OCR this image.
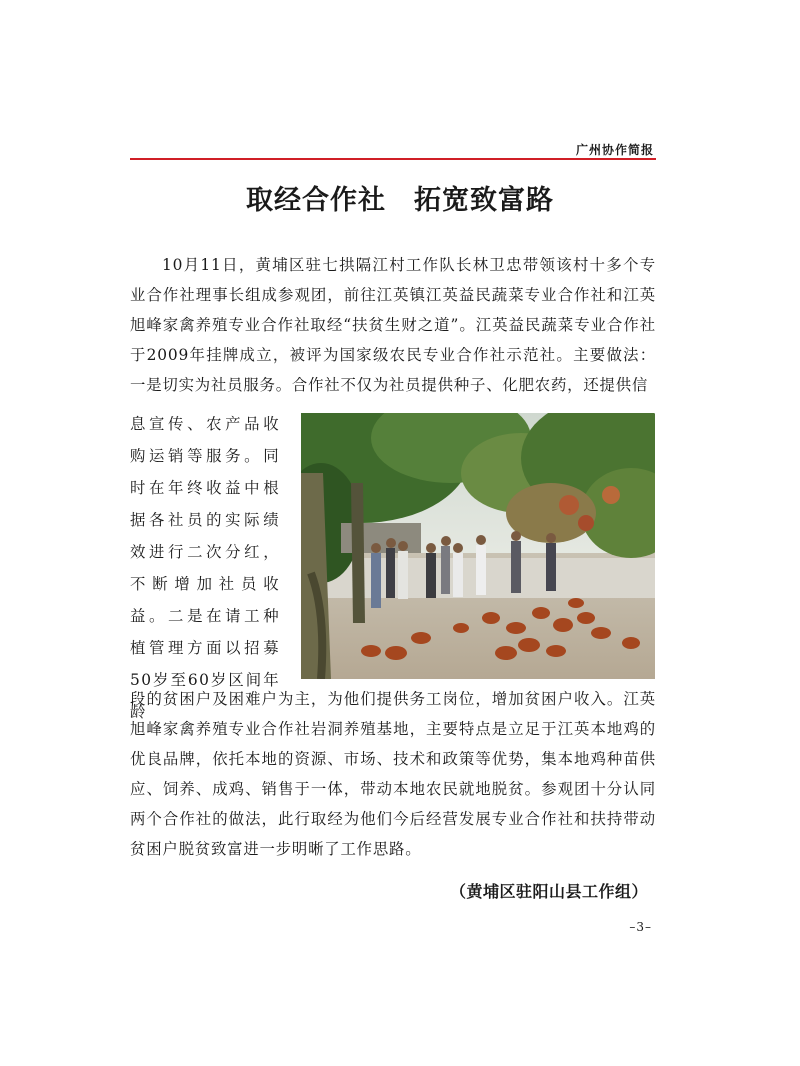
广州协作简报
取经合作社　拓宽致富路

10月11日，黄埔区驻七拱隔江村工作队长林卫忠带领该村十多个专业合作社理事长组成参观团，前往江英镇江英益民蔬菜专业合作社和江英旭峰家禽养殖专业合作社取经“扶贫生财之道”。江英益民蔬菜专业合作社于2009年挂牌成立，被评为国家级农民专业合作社示范社。主要做法：一是切实为社员服务。合作社不仅为社员提供种子、化肥农药，还提供信

息宣传、农产品收购运销等服务。同时在年终收益中根据各社员的实际绩效进行二次分红，不断增加社员收益。二是在请工种植管理方面以招募50岁至60岁区间年龄

段的贫困户及困难户为主，为他们提供务工岗位，增加贫困户收入。江英旭峰家禽养殖专业合作社岩洞养殖基地，主要特点是立足于江英本地鸡的优良品牌，依托本地的资源、市场、技术和政策等优势，集本地鸡种苗供应、饲养、成鸡、销售于一体，带动本地农民就地脱贫。参观团十分认同两个合作社的做法，此行取经为他们今后经营发展专业合作社和扶持带动贫困户脱贫致富进一步明晰了工作思路。

（黄埔区驻阳山县工作组）
–3–
